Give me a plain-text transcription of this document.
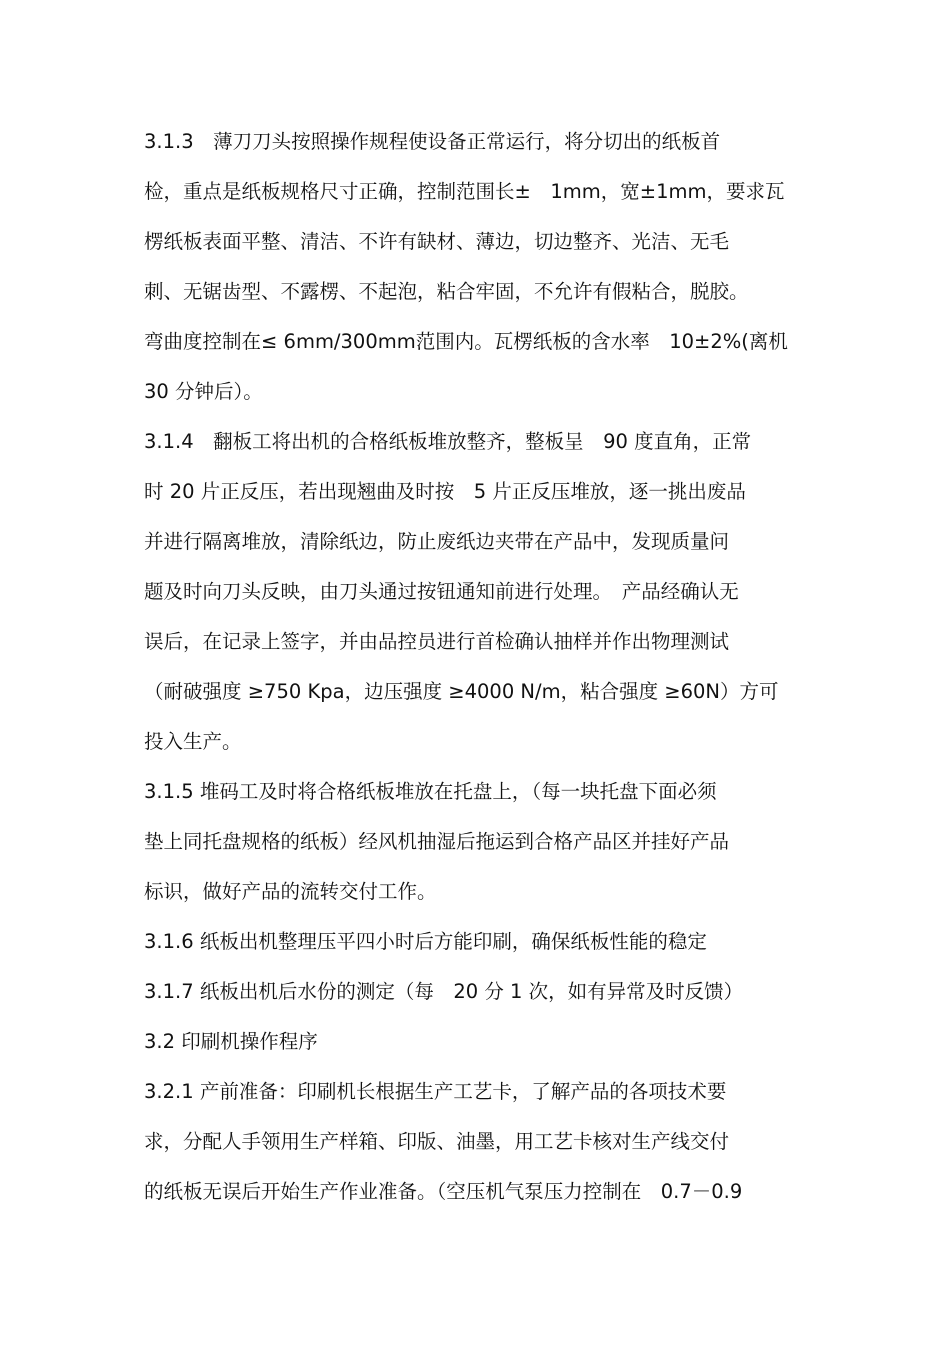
3.1.3　薄刀刀头按照操作规程使设备正常运行，将分切出的纸板首
检，重点是纸板规格尺寸正确，控制范围长±　1mm，宽±1mm，要求瓦
楞纸板表面平整、清洁、不许有缺材、薄边，切边整齐、光洁、无毛
刺、无锯齿型、不露楞、不起泡，粘合牢固，不允许有假粘合，脱胶。
弯曲度控制在≤ 6mm/300mm范围内。瓦楞纸板的含水率　10±2%(离机
30 分钟后）。
3.1.4　翻板工将出机的合格纸板堆放整齐，整板呈　90 度直角，正常
时 20 片正反压，若出现翘曲及时按　5 片正反压堆放，逐一挑出废品
并进行隔离堆放，清除纸边，防止废纸边夹带在产品中，发现质量问
题及时向刀头反映，由刀头通过按钮通知前进行处理。　产品经确认无
误后，在记录上签字，并由品控员进行首检确认抽样并作出物理测试
（耐破强度 ≥750 Kpa，边压强度 ≥4000 N/m，粘合强度 ≥60N）方可
投入生产。
3.1.5 堆码工及时将合格纸板堆放在托盘上，（每一块托盘下面必须
垫上同托盘规格的纸板）经风机抽湿后拖运到合格产品区并挂好产品
标识，做好产品的流转交付工作。
3.1.6 纸板出机整理压平四小时后方能印刷，确保纸板性能的稳定
3.1.7 纸板出机后水份的测定（每　20 分 1 次，如有异常及时反馈）
3.2 印刷机操作程序
3.2.1 产前准备：印刷机长根据生产工艺卡，了解产品的各项技术要
求，分配人手领用生产样箱、印版、油墨，用工艺卡核对生产线交付
的纸板无误后开始生产作业准备。（空压机气泵压力控制在　0.7－0.9
